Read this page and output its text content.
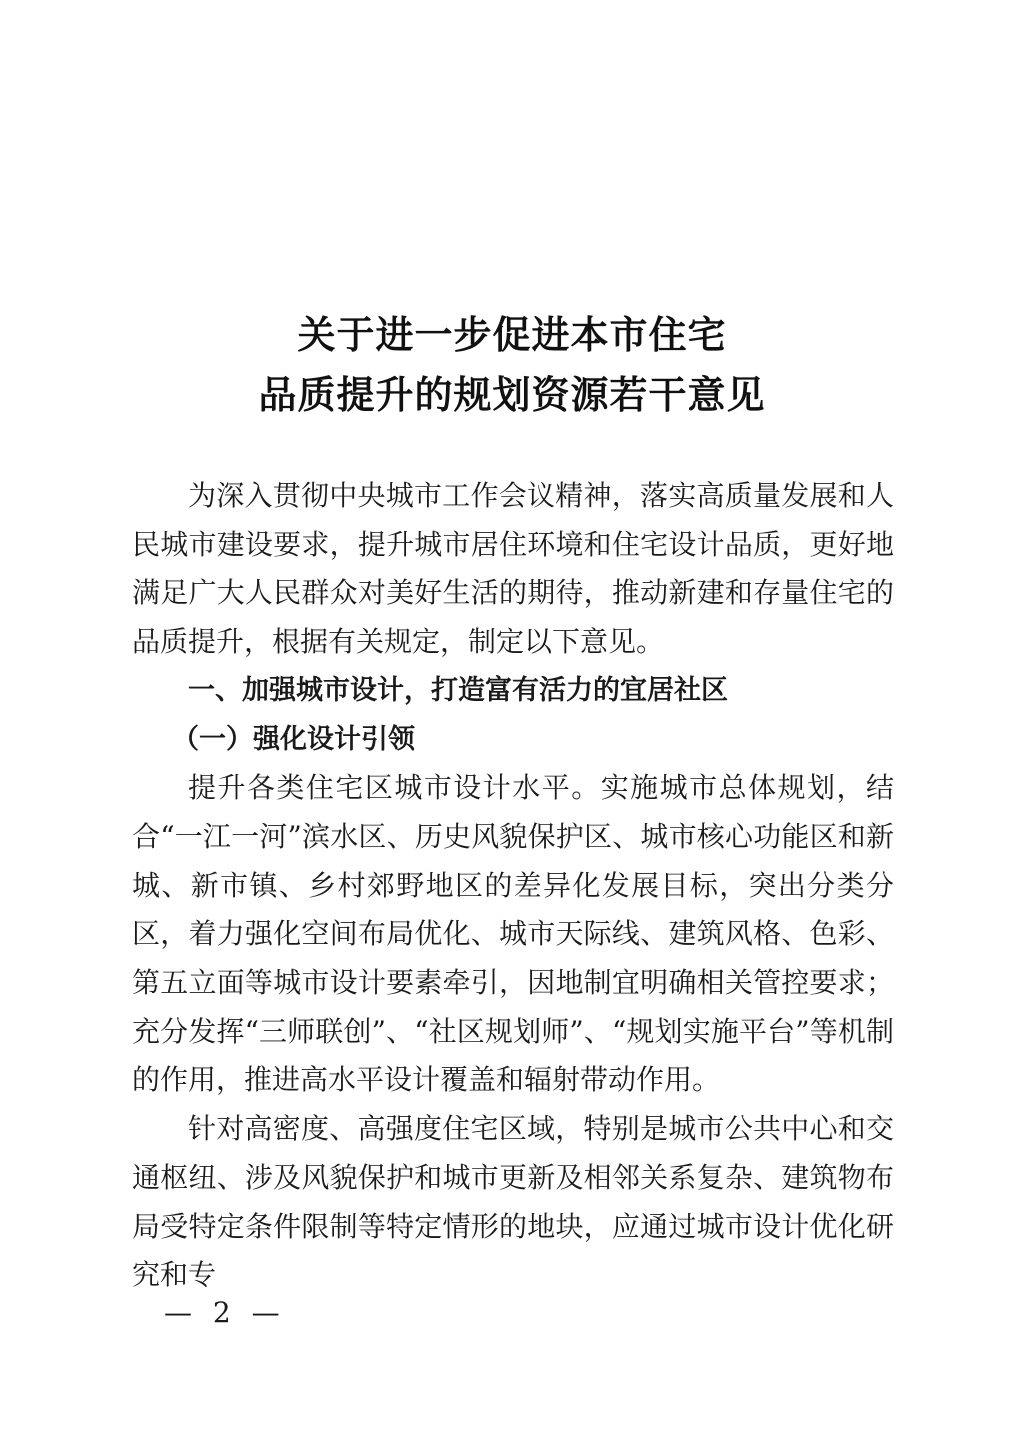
关于进一步促进本市住宅
品质提升的规划资源若干意见

为深入贯彻中央城市工作会议精神，落实高质量发展和人民城市建设要求，提升城市居住环境和住宅设计品质，更好地满足广大人民群众对美好生活的期待，推动新建和存量住宅的品质提升，根据有关规定，制定以下意见。

一、加强城市设计，打造富有活力的宜居社区

（一）强化设计引领

提升各类住宅区城市设计水平。实施城市总体规划，结合“一江一河”滨水区、历史风貌保护区、城市核心功能区和新城、新市镇、乡村郊野地区的差异化发展目标，突出分类分区，着力强化空间布局优化、城市天际线、建筑风格、色彩、第五立面等城市设计要素牵引，因地制宜明确相关管控要求；充分发挥“三师联创”、“社区规划师”、“规划实施平台”等机制的作用，推进高水平设计覆盖和辐射带动作用。

针对高密度、高强度住宅区域，特别是城市公共中心和交通枢纽、涉及风貌保护和城市更新及相邻关系复杂、建筑物布局受特定条件限制等特定情形的地块，应通过城市设计优化研究和专

— 2 —
